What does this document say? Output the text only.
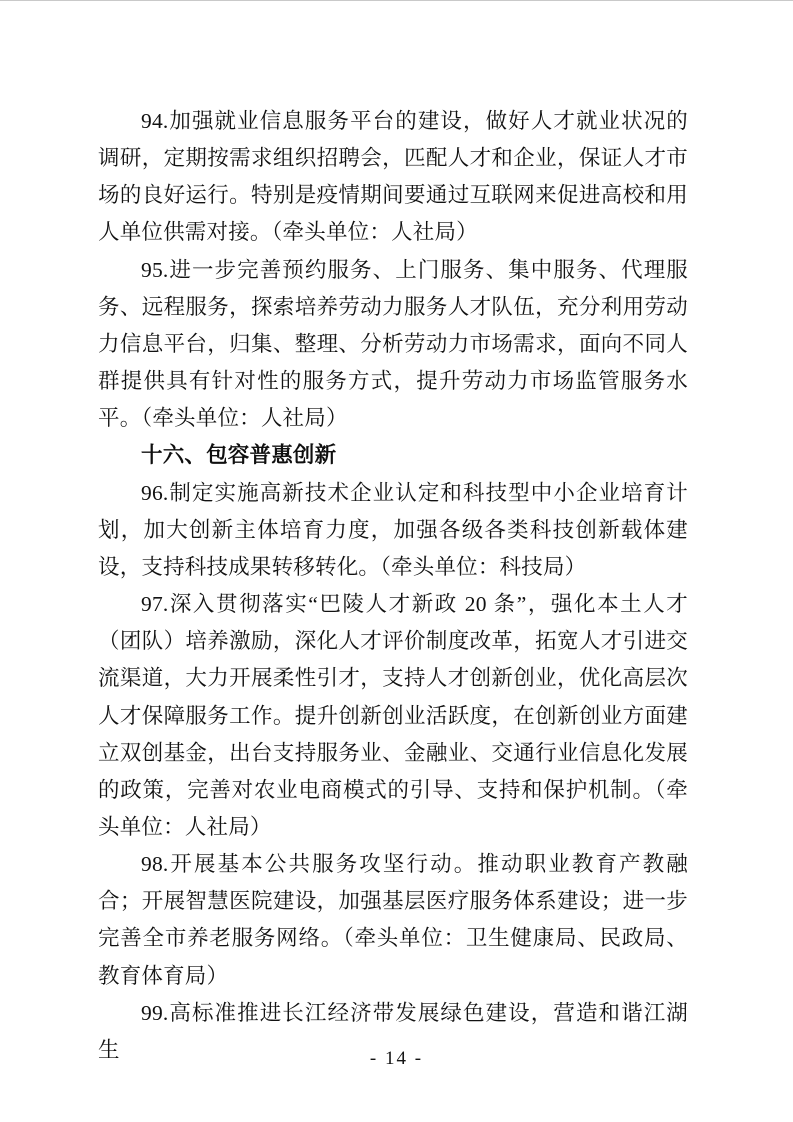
94.加强就业信息服务平台的建设，做好人才就业状况的调研，定期按需求组织招聘会，匹配人才和企业，保证人才市场的良好运行。特别是疫情期间要通过互联网来促进高校和用人单位供需对接。（牵头单位：人社局）

95.进一步完善预约服务、上门服务、集中服务、代理服务、远程服务，探索培养劳动力服务人才队伍，充分利用劳动力信息平台，归集、整理、分析劳动力市场需求，面向不同人群提供具有针对性的服务方式，提升劳动力市场监管服务水平。（牵头单位：人社局）

十六、包容普惠创新

96.制定实施高新技术企业认定和科技型中小企业培育计划，加大创新主体培育力度，加强各级各类科技创新载体建设，支持科技成果转移转化。（牵头单位：科技局）

97.深入贯彻落实“巴陵人才新政 20 条”，强化本土人才（团队）培养激励，深化人才评价制度改革，拓宽人才引进交流渠道，大力开展柔性引才，支持人才创新创业，优化高层次人才保障服务工作。提升创新创业活跃度，在创新创业方面建立双创基金，出台支持服务业、金融业、交通行业信息化发展的政策，完善对农业电商模式的引导、支持和保护机制。（牵头单位：人社局）

98.开展基本公共服务攻坚行动。推动职业教育产教融合；开展智慧医院建设，加强基层医疗服务体系建设；进一步完善全市养老服务网络。（牵头单位：卫生健康局、民政局、教育体育局）

99.高标准推进长江经济带发展绿色建设，营造和谐江湖生	- 14 -
